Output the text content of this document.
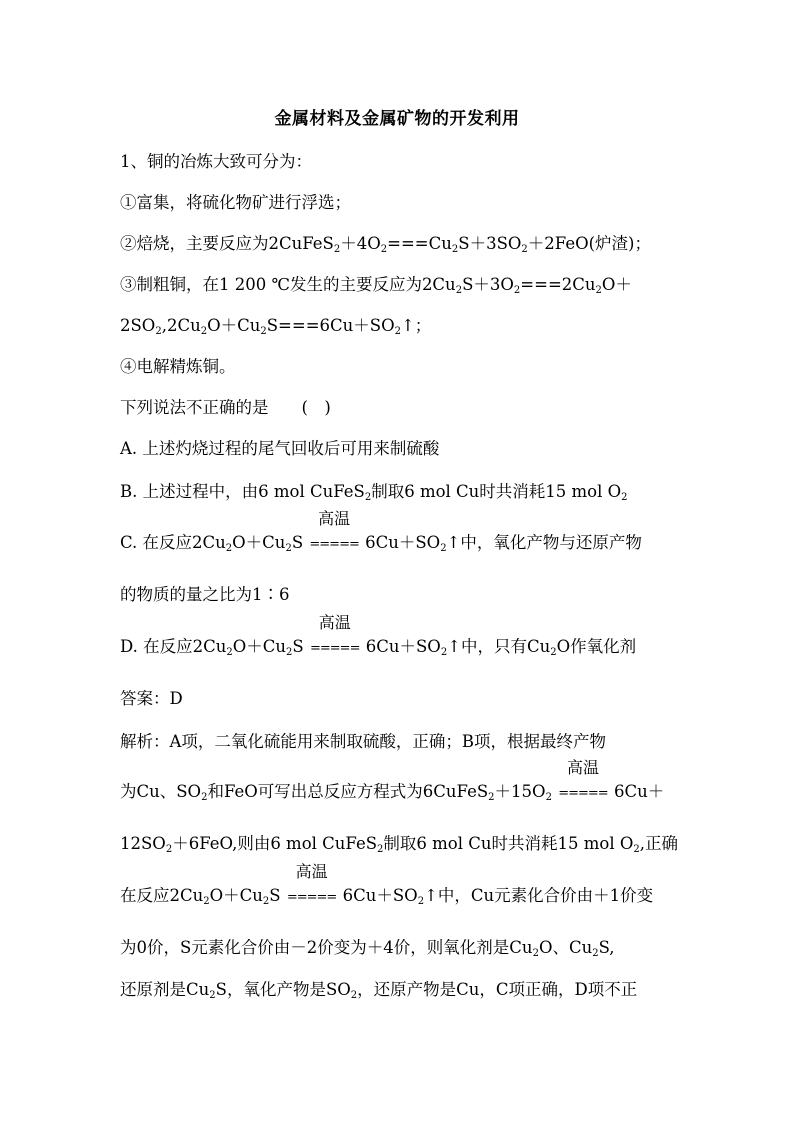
金属材料及金属矿物的开发利用
1、铜的冶炼大致可分为：
①富集，将硫化物矿进行浮选；
②焙烧，主要反应为$2CuFeS_2+4O_2===Cu_2S+3SO_2+2FeO$(炉渣)；
③制粗铜，在1 200 ℃发生的主要反应为$2Cu_2S+3O_2===2Cu_2O+$
$2SO_2,2Cu_2O+Cu_2S===6Cu+SO_2↑$；
④电解精炼铜。
下列说法不正确的是　　(　)
A. 上述灼烧过程的尾气回收后可用来制硫酸
B. 上述过程中，由6 mol CuFeS$_2$制取6 mol Cu时共消耗15 mol $O_2$
C. 在反应$2Cu_2O+Cu_2S$
高温
===== $6Cu+SO_2↑$中，氧化产物与还原产物
的物质的量之比为1∶6
D. 在反应$2Cu_2O+Cu_2S$
高温
===== $6Cu+SO_2↑$中，只有$Cu_2O$作氧化剂
答案：D
解析：A项，二氧化硫能用来制取硫酸，正确；B项，根据最终产物
为Cu、$SO_2$和FeO可写出总反应方程式为$6CuFeS_2+15O_2$
高温
===== 6Cu＋
$12SO_2+6FeO$,则由6 mol CuFeS$_2$制取6 mol Cu时共消耗15 mol $O_2$,正确
在反应$2Cu_2O+Cu_2S$
高温
===== $6Cu+SO_2↑$中，Cu元素化合价由＋1价变
为0价，S元素化合价由－2价变为＋4价，则氧化剂是$Cu_2O$、$Cu_2S$,
还原剂是$Cu_2S$，氧化产物是$SO_2$，还原产物是Cu，C项正确，D项不正
